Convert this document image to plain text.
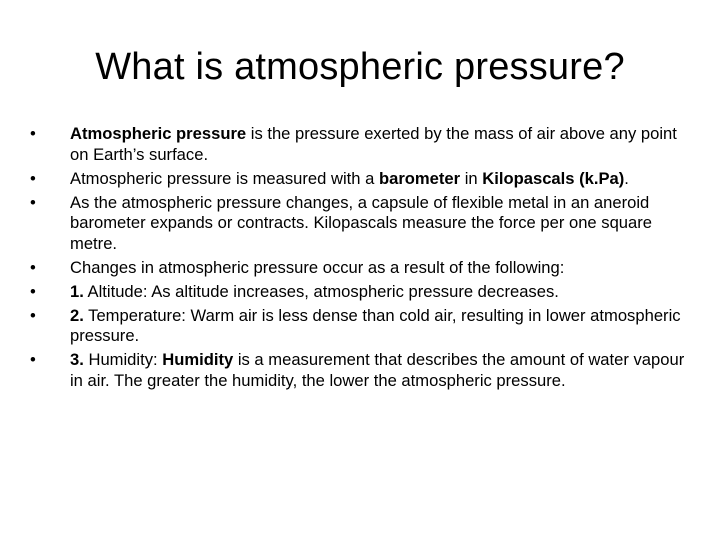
What is atmospheric pressure?
•	Atmospheric pressure is the pressure exerted by the mass of air above any point on Earth’s surface.
•	Atmospheric pressure is measured with a barometer in Kilopascals (k.Pa).
•	As the atmospheric pressure changes, a capsule of flexible metal in an aneroid barometer expands or contracts. Kilopascals measure the force per one square metre.
•	Changes in atmospheric pressure occur as a result of the following:
•	1. Altitude: As altitude increases, atmospheric pressure decreases.
•	2. Temperature: Warm air is less dense than cold air, resulting in lower atmospheric pressure.
•	3. Humidity: Humidity is a measurement that describes the amount of water vapour in air. The greater the humidity, the lower the atmospheric pressure.
